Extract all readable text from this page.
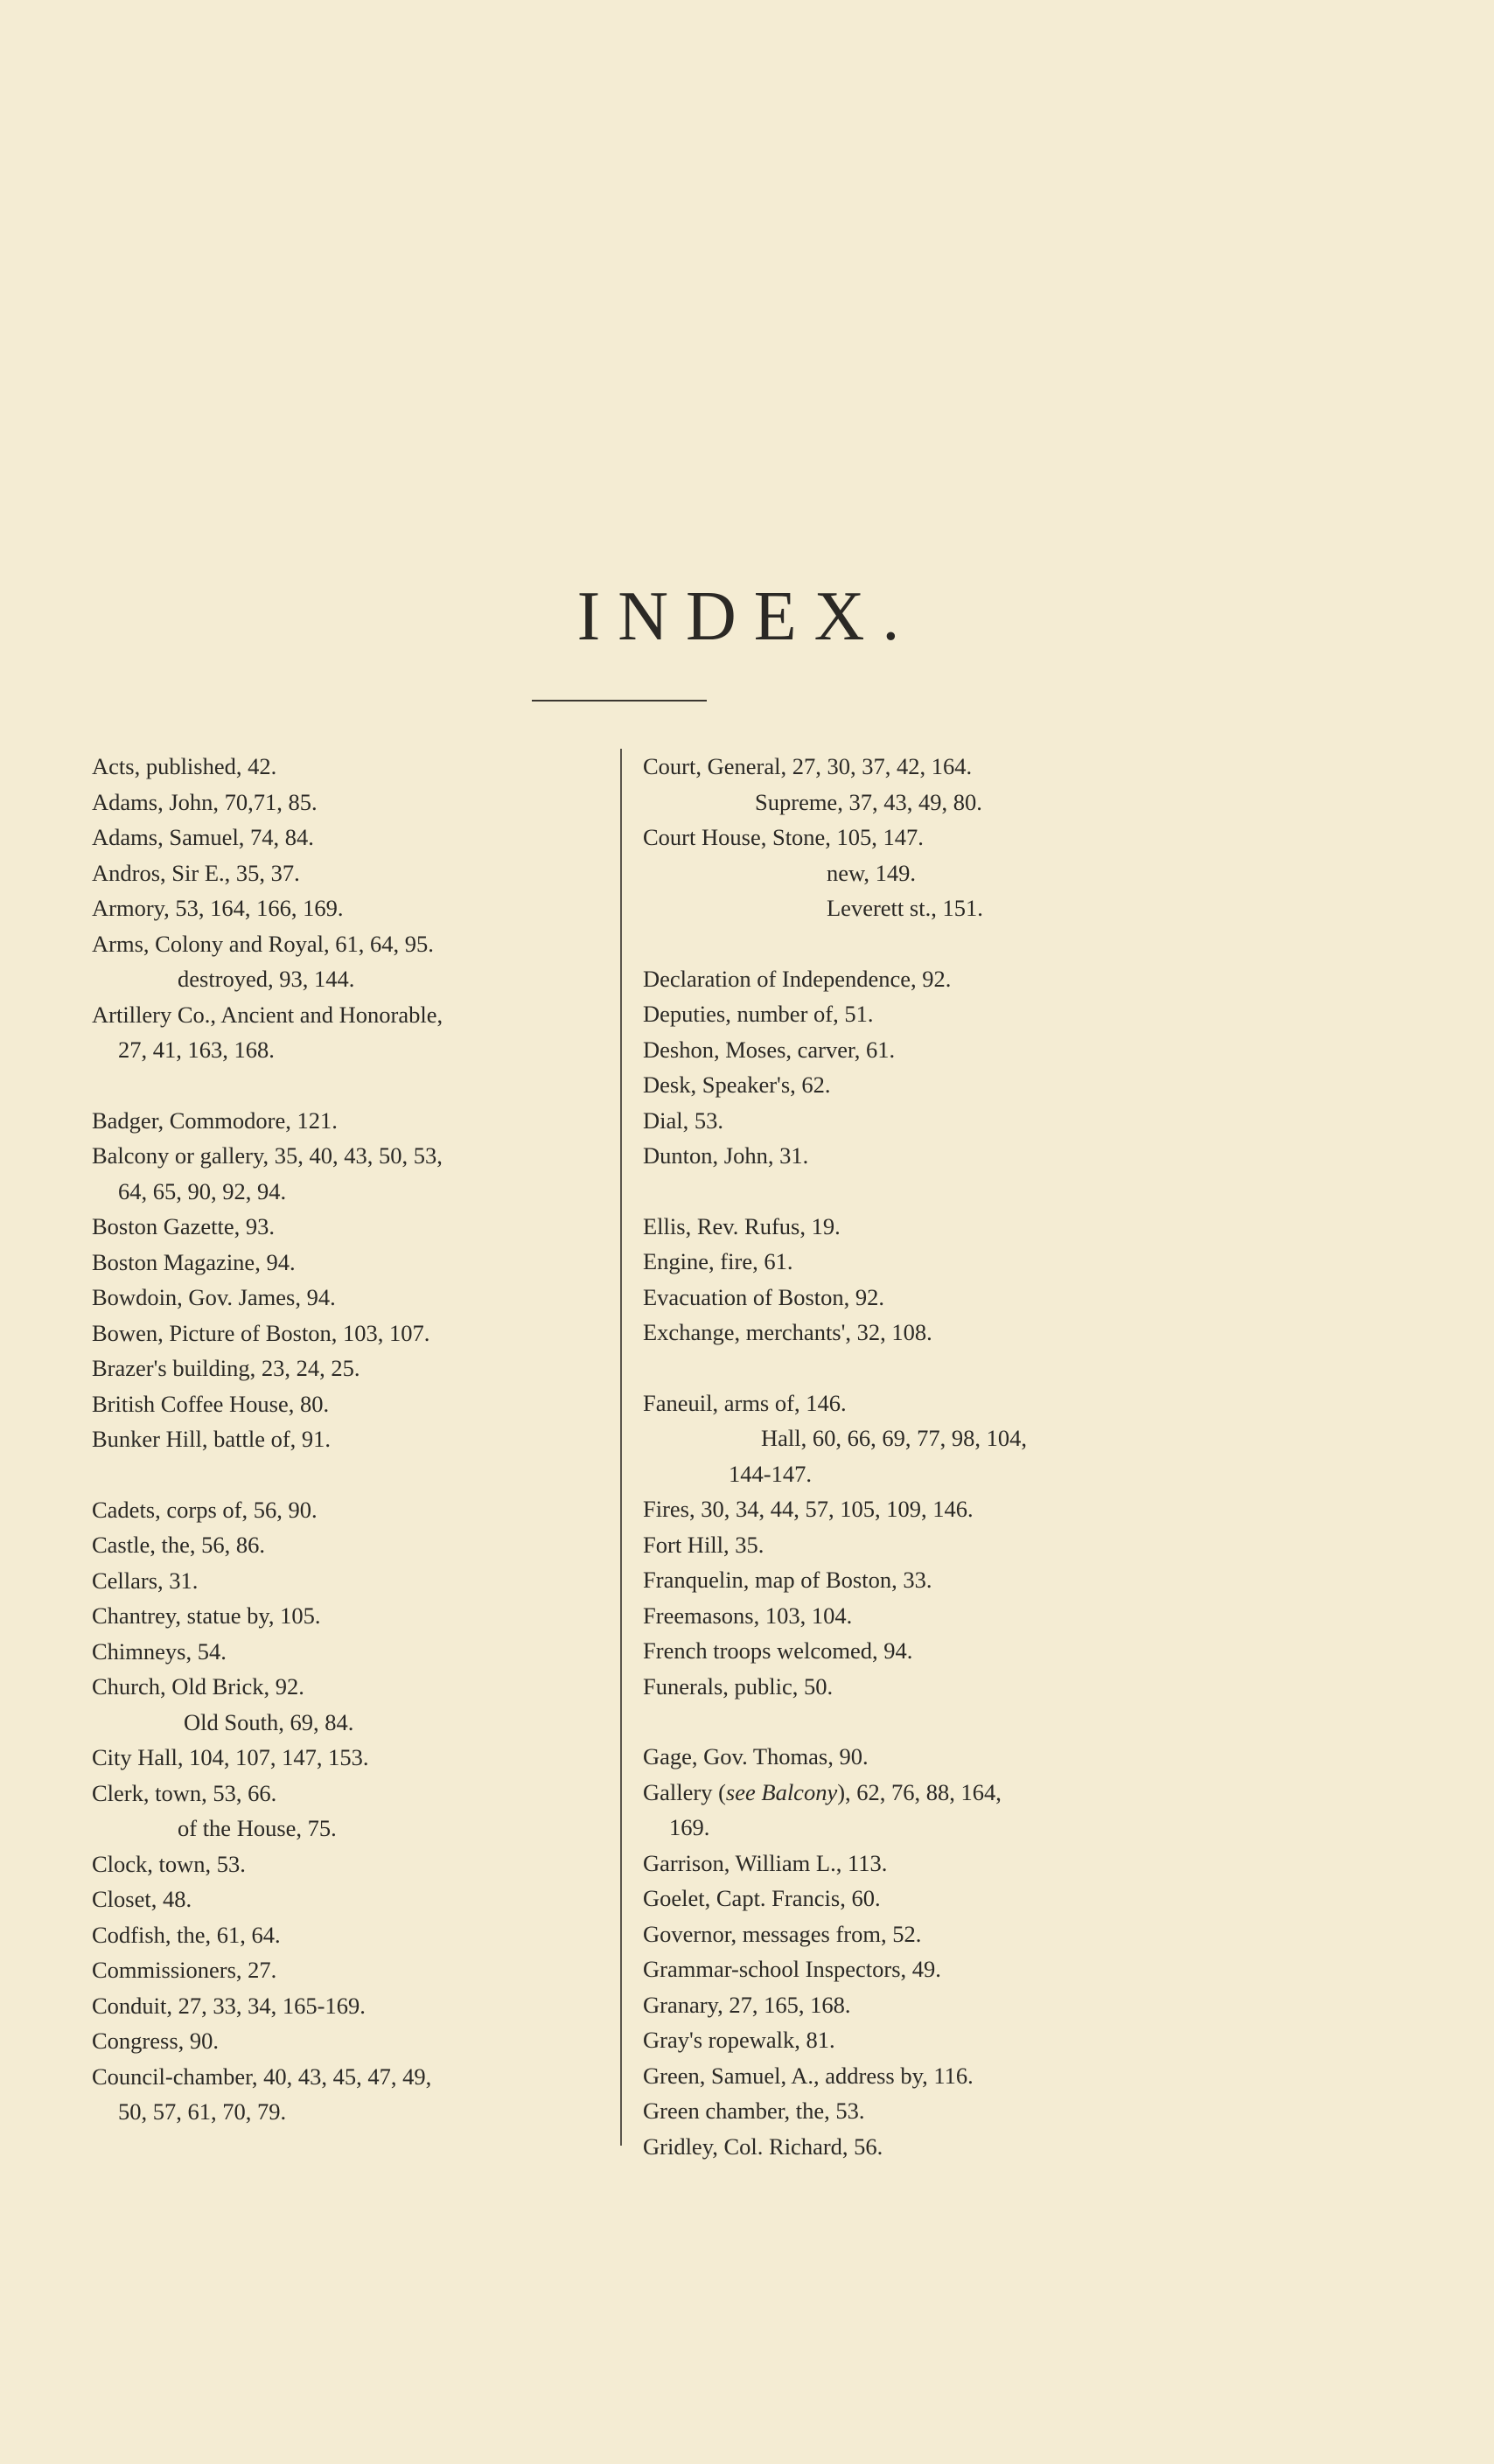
INDEX.
Acts, published, 42.
Adams, John, 70,71, 85.
Adams, Samuel, 74, 84.
Andros, Sir E., 35, 37.
Armory, 53, 164, 166, 169.
Arms, Colony and Royal, 61, 64, 95.
destroyed, 93, 144.
Artillery Co., Ancient and Honorable,
27, 41, 163, 168.
Badger, Commodore, 121.
Balcony or gallery, 35, 40, 43, 50, 53,
64, 65, 90, 92, 94.
Boston Gazette, 93.
Boston Magazine, 94.
Bowdoin, Gov. James, 94.
Bowen, Picture of Boston, 103, 107.
Brazer's building, 23, 24, 25.
British Coffee House, 80.
Bunker Hill, battle of, 91.
Cadets, corps of, 56, 90.
Castle, the, 56, 86.
Cellars, 31.
Chantrey, statue by, 105.
Chimneys, 54.
Church, Old Brick, 92.
Old South, 69, 84.
City Hall, 104, 107, 147, 153.
Clerk, town, 53, 66.
of the House, 75.
Clock, town, 53.
Closet, 48.
Codfish, the, 61, 64.
Commissioners, 27.
Conduit, 27, 33, 34, 165-169.
Congress, 90.
Council-chamber, 40, 43, 45, 47, 49,
50, 57, 61, 70, 79.
Court, General, 27, 30, 37, 42, 164.
Supreme, 37, 43, 49, 80.
Court House, Stone, 105, 147.
new, 149.
Leverett st., 151.
Declaration of Independence, 92.
Deputies, number of, 51.
Deshon, Moses, carver, 61.
Desk, Speaker's, 62.
Dial, 53.
Dunton, John, 31.
Ellis, Rev. Rufus, 19.
Engine, fire, 61.
Evacuation of Boston, 92.
Exchange, merchants', 32, 108.
Faneuil, arms of, 146.
Hall, 60, 66, 69, 77, 98, 104,
144-147.
Fires, 30, 34, 44, 57, 105, 109, 146.
Fort Hill, 35.
Franquelin, map of Boston, 33.
Freemasons, 103, 104.
French troops welcomed, 94.
Funerals, public, 50.
Gage, Gov. Thomas, 90.
Gallery (see Balcony), 62, 76, 88, 164,
169.
Garrison, William L., 113.
Goelet, Capt. Francis, 60.
Governor, messages from, 52.
Grammar-school Inspectors, 49.
Granary, 27, 165, 168.
Gray's ropewalk, 81.
Green, Samuel, A., address by, 116.
Green chamber, the, 53.
Gridley, Col. Richard, 56.
